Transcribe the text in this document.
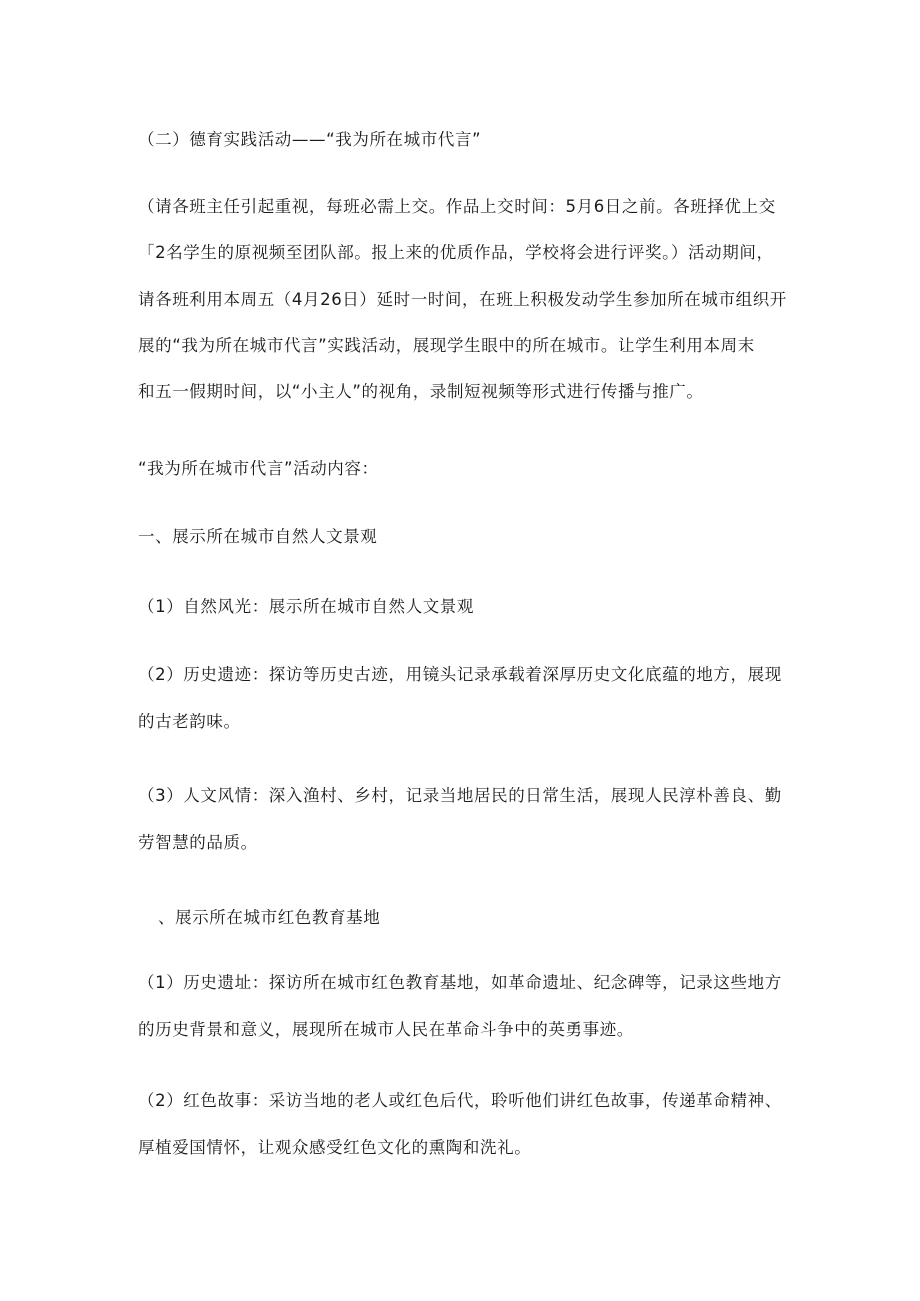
（二）德育实践活动——“我为所在城市代言”
（请各班主任引起重视，每班必需上交。作品上交时间：5月6日之前。各班择优上交
「2名学生的原视频至团队部。报上来的优质作品，学校将会进行评奖。）活动期间，
请各班利用本周五（4月26日）延时一时间，在班上积极发动学生参加所在城市组织开
展的“我为所在城市代言”实践活动，展现学生眼中的所在城市。让学生利用本周末
和五一假期时间，以“小主人”的视角，录制短视频等形式进行传播与推广。
“我为所在城市代言”活动内容：
一、展示所在城市自然人文景观
（1）自然风光：展示所在城市自然人文景观
（2）历史遗迹：探访等历史古迹，用镜头记录承载着深厚历史文化底蕴的地方，展现
的古老韵味。
（3）人文风情：深入渔村、乡村，记录当地居民的日常生活，展现人民淳朴善良、勤
劳智慧的品质。
、展示所在城市红色教育基地
（1）历史遗址：探访所在城市红色教育基地，如革命遗址、纪念碑等，记录这些地方
的历史背景和意义，展现所在城市人民在革命斗争中的英勇事迹。
（2）红色故事：采访当地的老人或红色后代，聆听他们讲红色故事，传递革命精神、
厚植爱国情怀，让观众感受红色文化的熏陶和洗礼。
